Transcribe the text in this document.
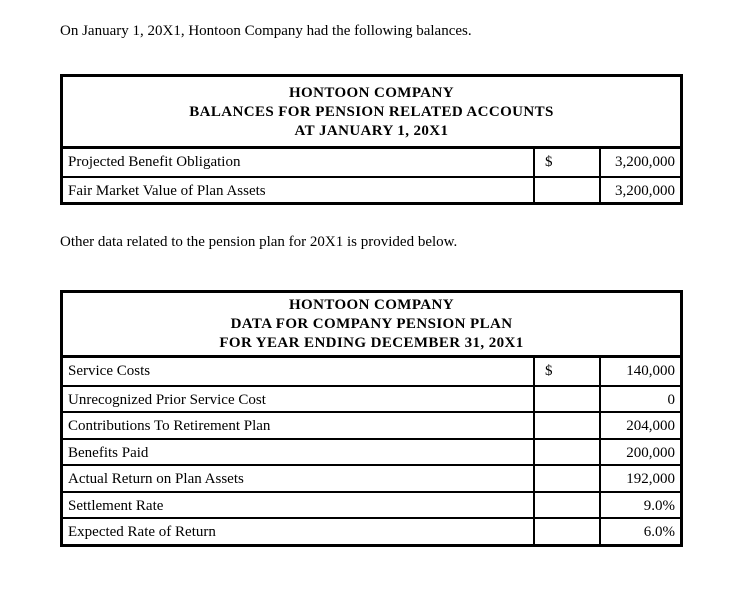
On January 1, 20X1, Hontoon Company had the following balances.
HONTOON COMPANY
BALANCES FOR PENSION RELATED ACCOUNTS
AT JANUARY 1, 20X1
Projected Benefit Obligation	$	3,200,000
Fair Market Value of Plan Assets	3,200,000
Other data related to the pension plan for 20X1 is provided below.
HONTOON COMPANY
DATA FOR COMPANY PENSION PLAN
FOR YEAR ENDING DECEMBER 31, 20X1
Service Costs	$	140,000
Unrecognized Prior Service Cost	0
Contributions To Retirement Plan	204,000
Benefits Paid	200,000
Actual Return on Plan Assets	192,000
Settlement Rate	9.0%
Expected Rate of Return	6.0%
